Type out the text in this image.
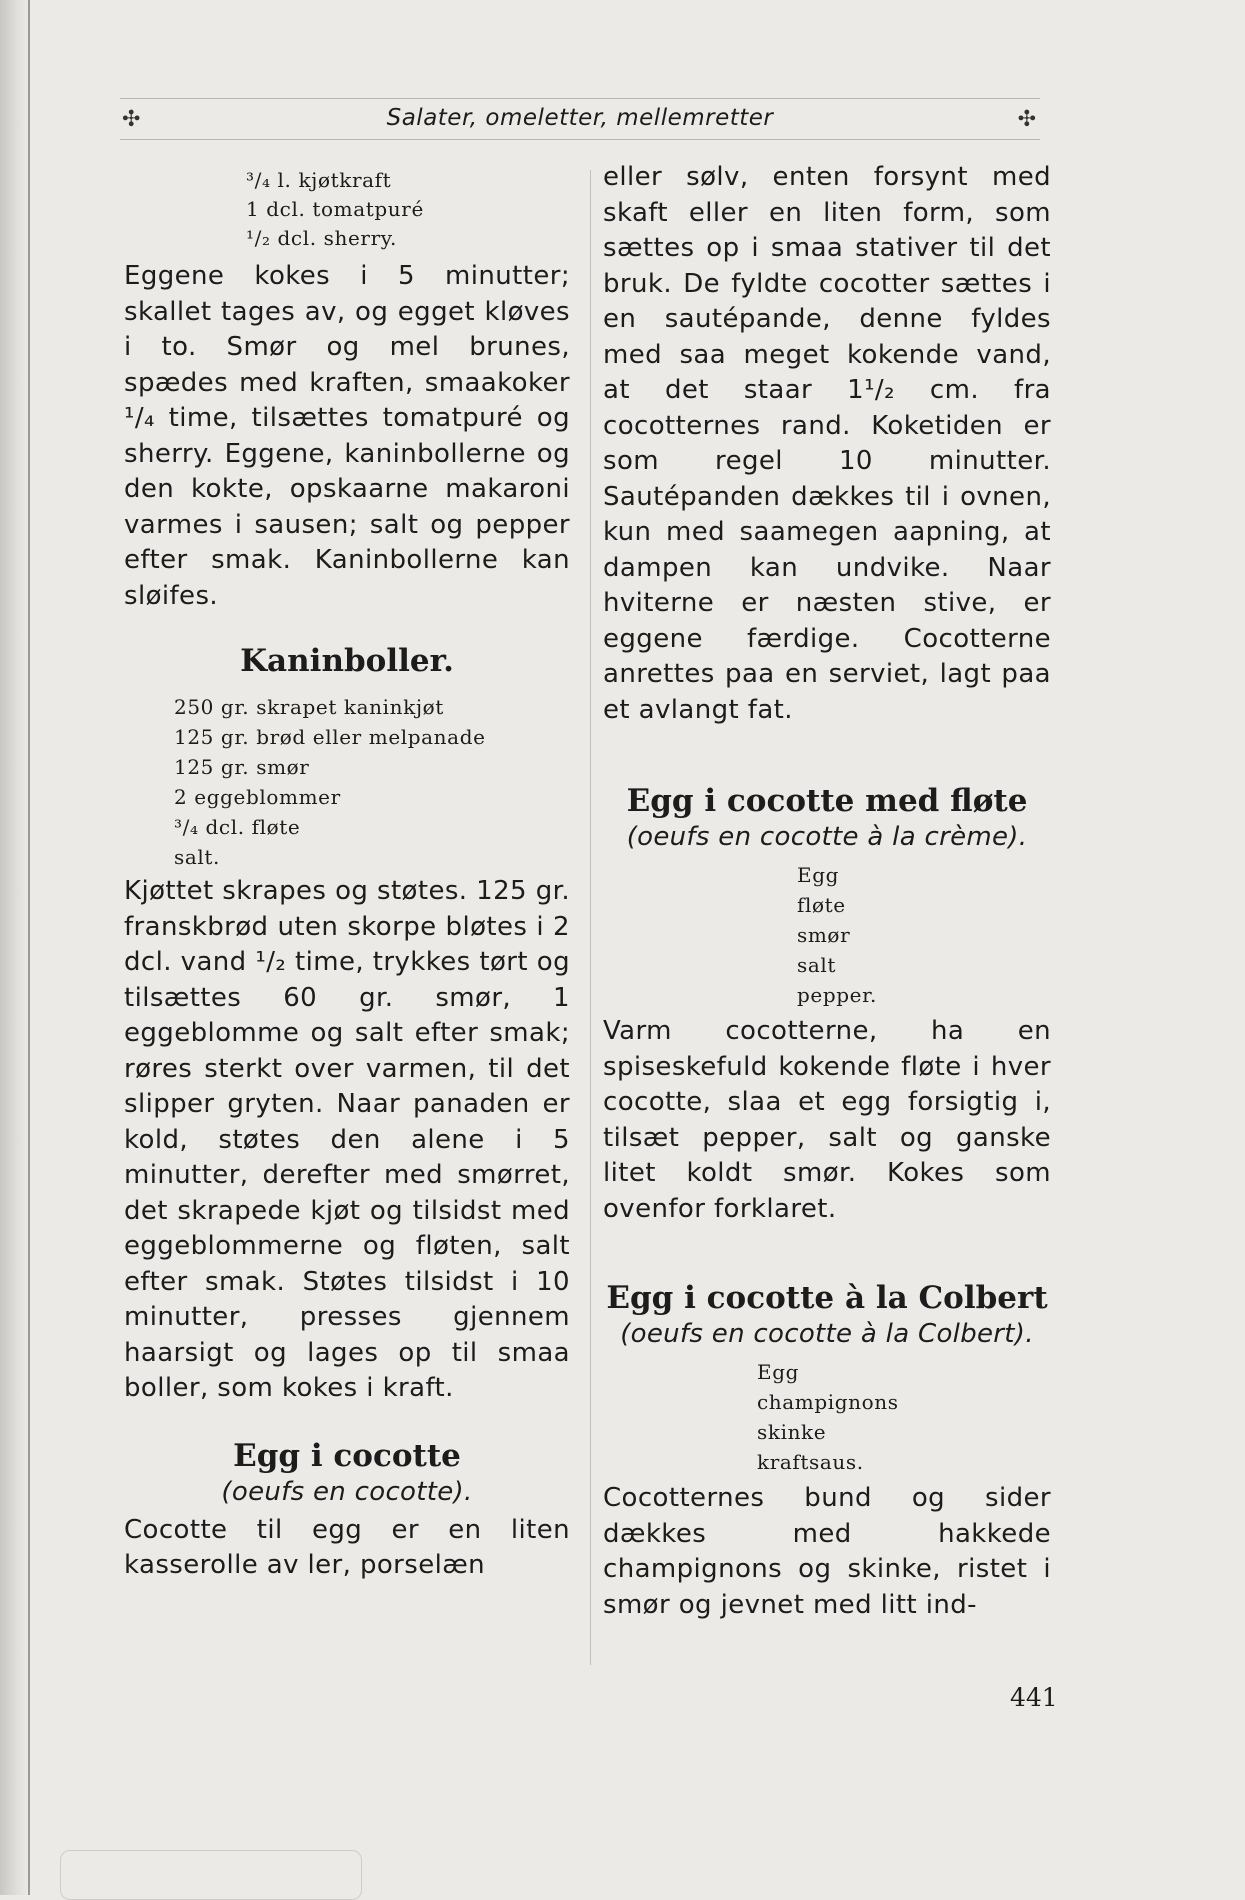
✣	Salater, omeletter, mellemretter	✣
³/₄ l. kjøtkraft
1 dcl. tomatpuré
¹/₂ dcl. sherry.
Eggene kokes i 5 minutter; skallet tages av, og egget kløves i to. Smør og mel brunes, spædes med kraften, smaakoker ¹/₄ time, tilsættes tomatpuré og sherry. Eggene, kaninbollerne og den kokte, opskaarne makaroni varmes i sausen; salt og pepper efter smak. Kaninbollerne kan sløifes.
Kaninboller.
250 gr. skrapet kaninkjøt
125 gr. brød eller melpanade
125 gr. smør
2 eggeblommer
³/₄ dcl. fløte
salt.
Kjøttet skrapes og støtes. 125 gr. franskbrød uten skorpe bløtes i 2 dcl. vand ¹/₂ time, trykkes tørt og tilsættes 60 gr. smør, 1 eggeblomme og salt efter smak; røres sterkt over varmen, til det slipper gryten. Naar panaden er kold, støtes den alene i 5 minutter, derefter med smørret, det skrapede kjøt og tilsidst med eggeblommerne og fløten, salt efter smak. Støtes tilsidst i 10 minutter, presses gjennem haarsigt og lages op til smaa boller, som kokes i kraft.
Egg i cocotte
(oeufs en cocotte).
Cocotte til egg er en liten kasserolle av ler, porselæn
eller sølv, enten forsynt med skaft eller en liten form, som sættes op i smaa stativer til det bruk. De fyldte cocotter sættes i en sautépande, denne fyldes med saa meget kokende vand, at det staar 1¹/₂ cm. fra cocotternes rand. Koketiden er som regel 10 minutter. Sautépanden dækkes til i ovnen, kun med saamegen aapning, at dampen kan undvike. Naar hviterne er næsten stive, er eggene færdige. Cocotterne anrettes paa en serviet, lagt paa et avlangt fat.
Egg i cocotte med fløte
(oeufs en cocotte à la crème).
Egg
fløte
smør
salt
pepper.
Varm cocotterne, ha en spiseskefuld kokende fløte i hver cocotte, slaa et egg forsigtig i, tilsæt pepper, salt og ganske litet koldt smør. Kokes som ovenfor forklaret.
Egg i cocotte à la Colbert
(oeufs en cocotte à la Colbert).
Egg
champignons
skinke
kraftsaus.
Cocotternes bund og sider dækkes med hakkede champignons og skinke, ristet i smør og jevnet med litt ind-
441
